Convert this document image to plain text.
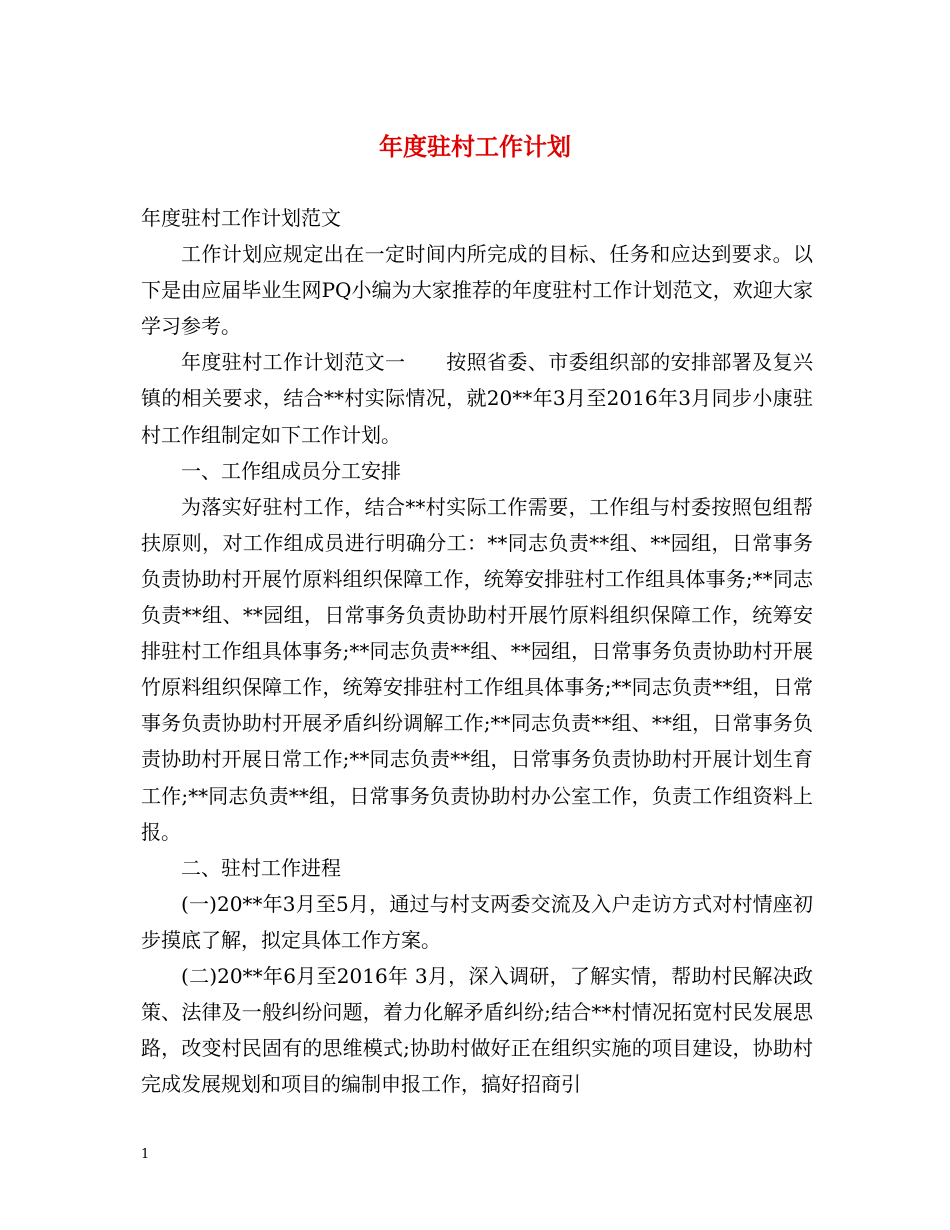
年度驻村工作计划

年度驻村工作计划范文

工作计划应规定出在一定时间内所完成的目标、任务和应达到要求。以下是由应届毕业生网PQ小编为大家推荐的年度驻村工作计划范文，欢迎大家学习参考。

年度驻村工作计划范文一　　按照省委、市委组织部的安排部署及复兴镇的相关要求，结合**村实际情况，就20**年3月至2016年3月同步小康驻村工作组制定如下工作计划。

一、工作组成员分工安排

为落实好驻村工作，结合**村实际工作需要，工作组与村委按照包组帮扶原则，对工作组成员进行明确分工：**同志负责**组、**园组，日常事务负责协助村开展竹原料组织保障工作，统筹安排驻村工作组具体事务;**同志负责**组、**园组，日常事务负责协助村开展竹原料组织保障工作，统筹安排驻村工作组具体事务;**同志负责**组、**园组，日常事务负责协助村开展竹原料组织保障工作，统筹安排驻村工作组具体事务;**同志负责**组，日常事务负责协助村开展矛盾纠纷调解工作;**同志负责**组、**组，日常事务负责协助村开展日常工作;**同志负责**组，日常事务负责协助村开展计划生育工作;**同志负责**组，日常事务负责协助村办公室工作，负责工作组资料上报。

二、驻村工作进程

(一)20**年3月至5月，通过与村支两委交流及入户走访方式对村情座初步摸底了解，拟定具体工作方案。

(二)20**年6月至2016年 3月，深入调研，了解实情，帮助村民解决政策、法律及一般纠纷问题，着力化解矛盾纠纷;结合**村情况拓宽村民发展思路，改变村民固有的思维模式;协助村做好正在组织实施的项目建设，协助村完成发展规划和项目的编制申报工作，搞好招商引

1
